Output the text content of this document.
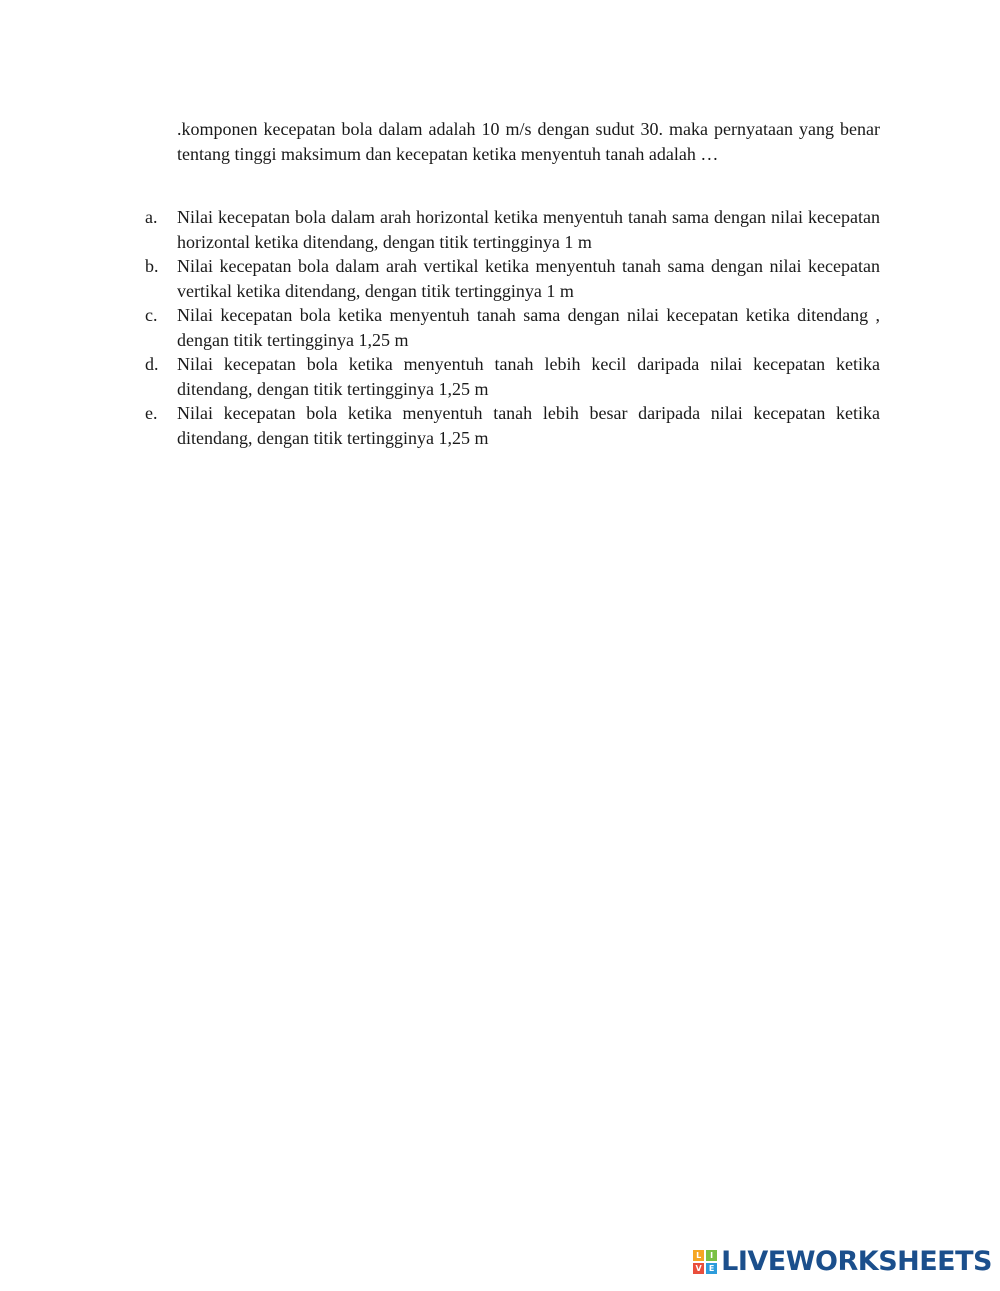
.komponen kecepatan bola dalam adalah 10 m/s dengan sudut 30. maka pernyataan yang benar tentang tinggi maksimum dan kecepatan ketika menyentuh tanah adalah …

a.	Nilai kecepatan bola dalam arah horizontal ketika menyentuh tanah sama dengan nilai kecepatan horizontal ketika ditendang, dengan titik tertingginya 1 m
b.	Nilai kecepatan bola dalam arah vertikal ketika menyentuh tanah sama dengan nilai kecepatan vertikal ketika ditendang, dengan titik tertingginya 1 m
c.	Nilai kecepatan bola ketika menyentuh tanah sama dengan nilai kecepatan ketika ditendang , dengan titik tertingginya 1,25 m
d.	Nilai kecepatan bola ketika menyentuh tanah lebih kecil daripada nilai kecepatan ketika ditendang, dengan titik tertingginya 1,25 m
e.	Nilai kecepatan bola ketika menyentuh tanah lebih besar daripada nilai kecepatan ketika ditendang, dengan titik tertingginya 1,25 m
L	I
V E LIVEWORKSHEETS
